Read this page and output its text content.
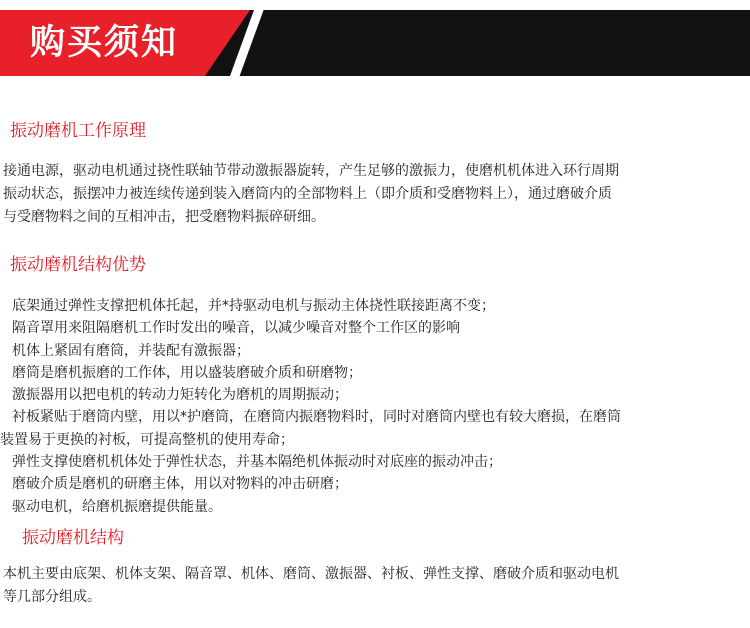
购买须知
振动磨机工作原理

接通电源，驱动电机通过挠性联轴节带动激振器旋转，产生足够的激振力，使磨机机体进入环行周期

振动状态，振摆冲力被连续传递到装入磨筒内的全部物料上（即介质和受磨物料上），通过磨破介质

与受磨物料之间的互相冲击，把受磨物料振碎研细。

振动磨机结构优势
底架通过弹性支撑把机体托起，并*持驱动电机与振动主体挠性联接距离不变；
隔音罩用来阻隔磨机工作时发出的噪音，以减少噪音对整个工作区的影响
机体上紧固有磨筒，并装配有激振器；
磨筒是磨机振磨的工作体，用以盛装磨破介质和研磨物；
激振器用以把电机的转动力矩转化为磨机的周期振动；
衬板紧贴于磨筒内壁，用以*护磨筒，在磨筒内振磨物料时，同时对磨筒内壁也有较大磨损，在磨筒
装置易于更换的衬板，可提高整机的使用寿命；
弹性支撑使磨机机体处于弹性状态，并基本隔绝机体振动时对底座的振动冲击；
磨破介质是磨机的研磨主体，用以对物料的冲击研磨；
驱动电机，给磨机振磨提供能量。
振动磨机结构

本机主要由底架、机体支架、隔音罩、机体、磨筒、激振器、衬板、弹性支撑、磨破介质和驱动电机

等几部分组成。
